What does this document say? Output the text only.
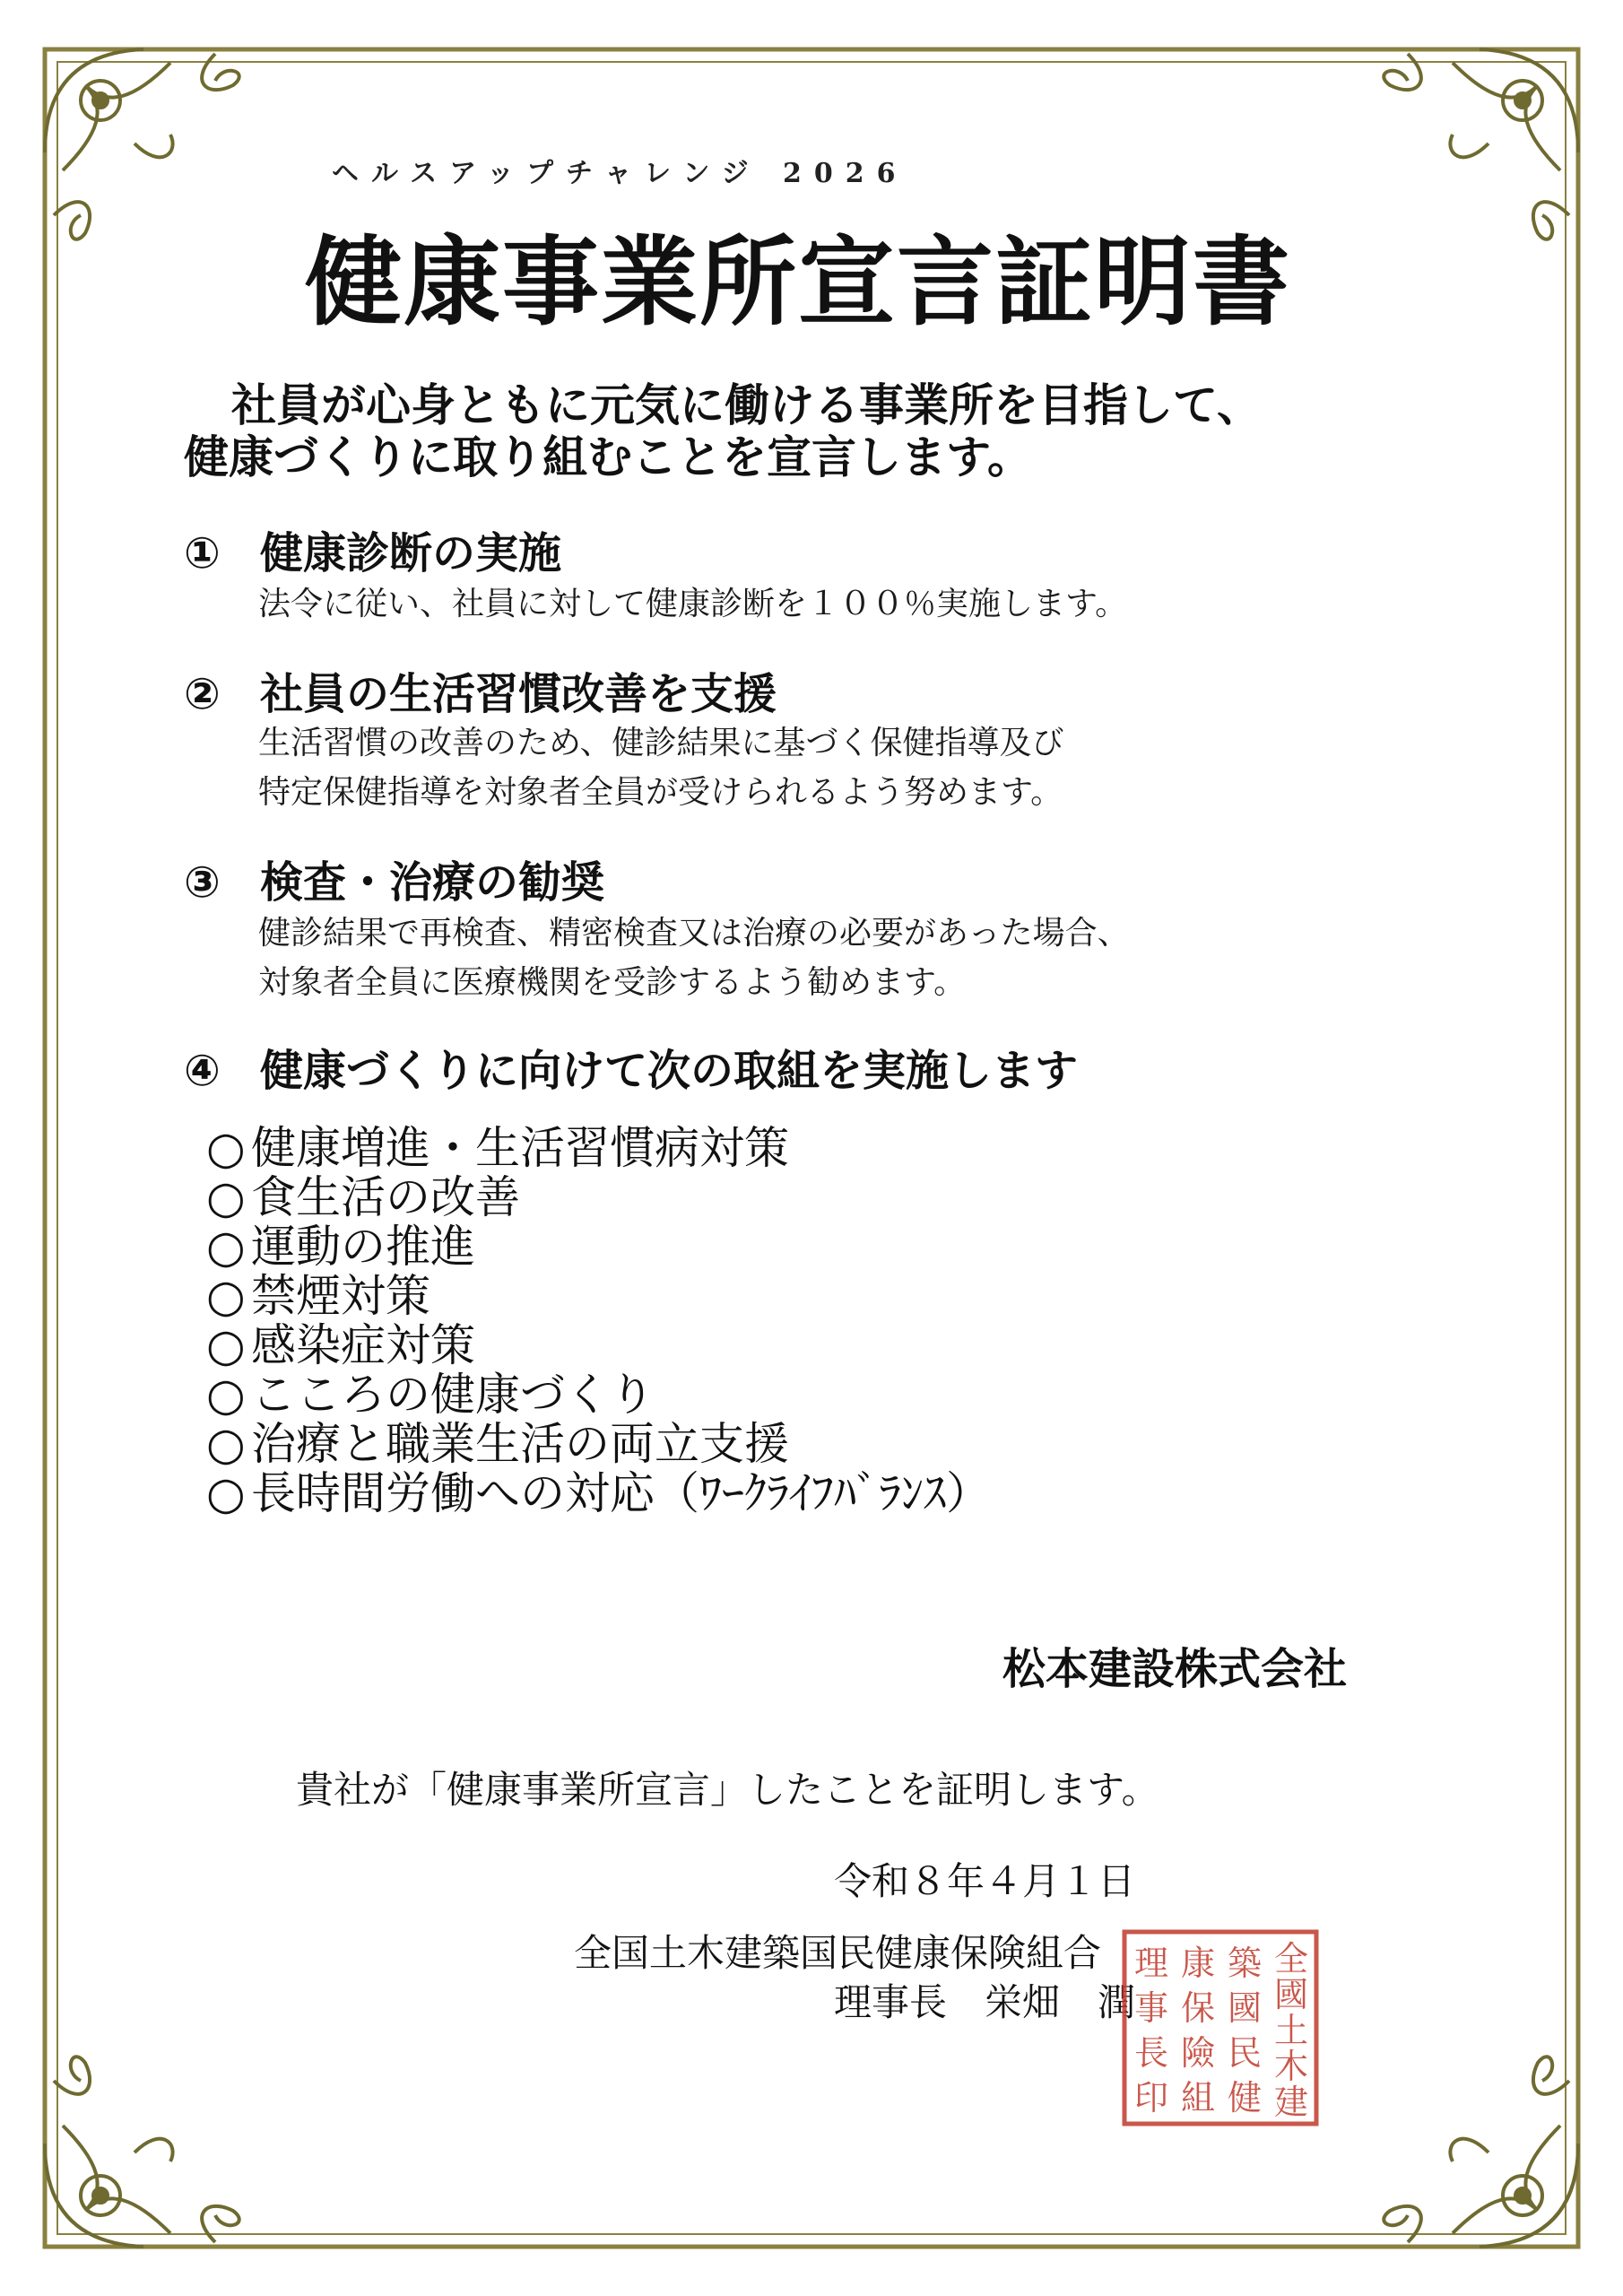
ヘルスアップチャレンジ 2026
健康事業所宣言証明書

社員が心身ともに元気に働ける事業所を目指して、

健康づくりに取り組むことを宣言します。

① 健康診断の実施
法令に従い、社員に対して健康診断を１００％実施します。
② 社員の生活習慣改善を支援
生活習慣の改善のため、健診結果に基づく保健指導及び
特定保健指導を対象者全員が受けられるよう努めます。
③ 検査・治療の勧奨
健診結果で再検査、精密検査又は治療の必要があった場合、
対象者全員に医療機関を受診するよう勧めます。
④ 健康づくりに向けて次の取組を実施します
○ 健康増進・生活習慣病対策
○ 食生活の改善
○ 運動の推進
○ 禁煙対策
○ 感染症対策
○ こころの健康づくり
○ 治療と職業生活の両立支援
○ 長時間労働への対応（ﾜｰｸﾗｲﾌﾊﾞﾗﾝｽ）
松本建設株式会社
貴社が「健康事業所宣言」したことを証明します。
令和８年４月１日
全国土木建築国民健康保険組合
理事長　栄畑　潤
全
國
土
木
建
築
國
民
健
康
保
險
組
理
事
長
印
